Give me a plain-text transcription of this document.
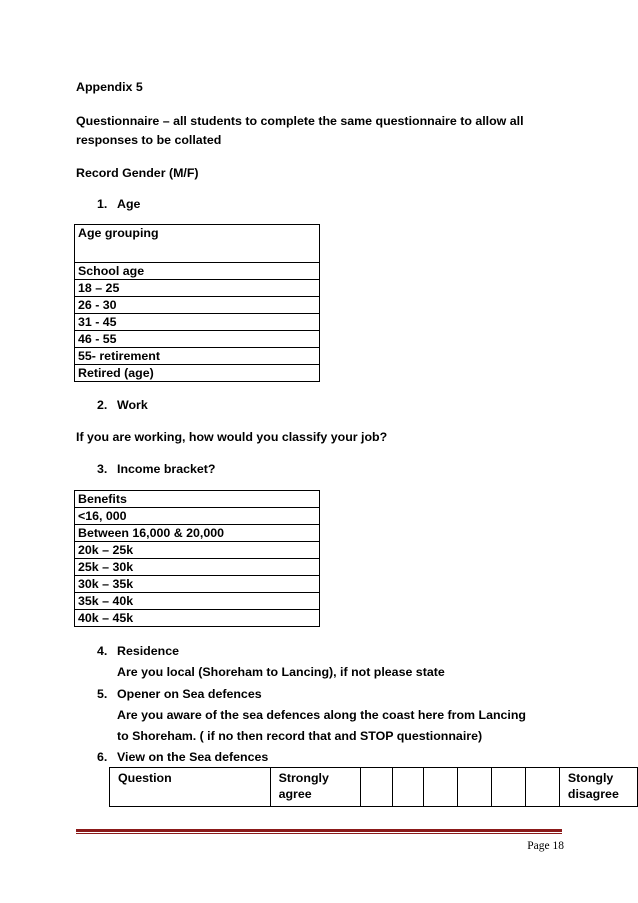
Appendix 5
Questionnaire – all students to complete the same questionnaire to allow all
responses to be collated
Record Gender (M/F)
1. Age
Age grouping
School age
18 – 25
26 - 30
31 - 45
46 - 55
55- retirement
Retired (age)
2. Work
If you are working, how would you classify your job?
3. Income bracket?
Benefits
<16, 000
Between 16,000 & 20,000
20k – 25k
25k – 30k
30k – 35k
35k – 40k
40k – 45k
4. Residence
Are you local (Shoreham to Lancing), if not please state
5. Opener on Sea defences
Are you aware of the sea defences along the coast here from Lancing
to Shoreham. ( if no then record that and STOP questionnaire)
6. View on the Sea defences
Question	Strongly
agree							Stongly
disagree
Page 18
